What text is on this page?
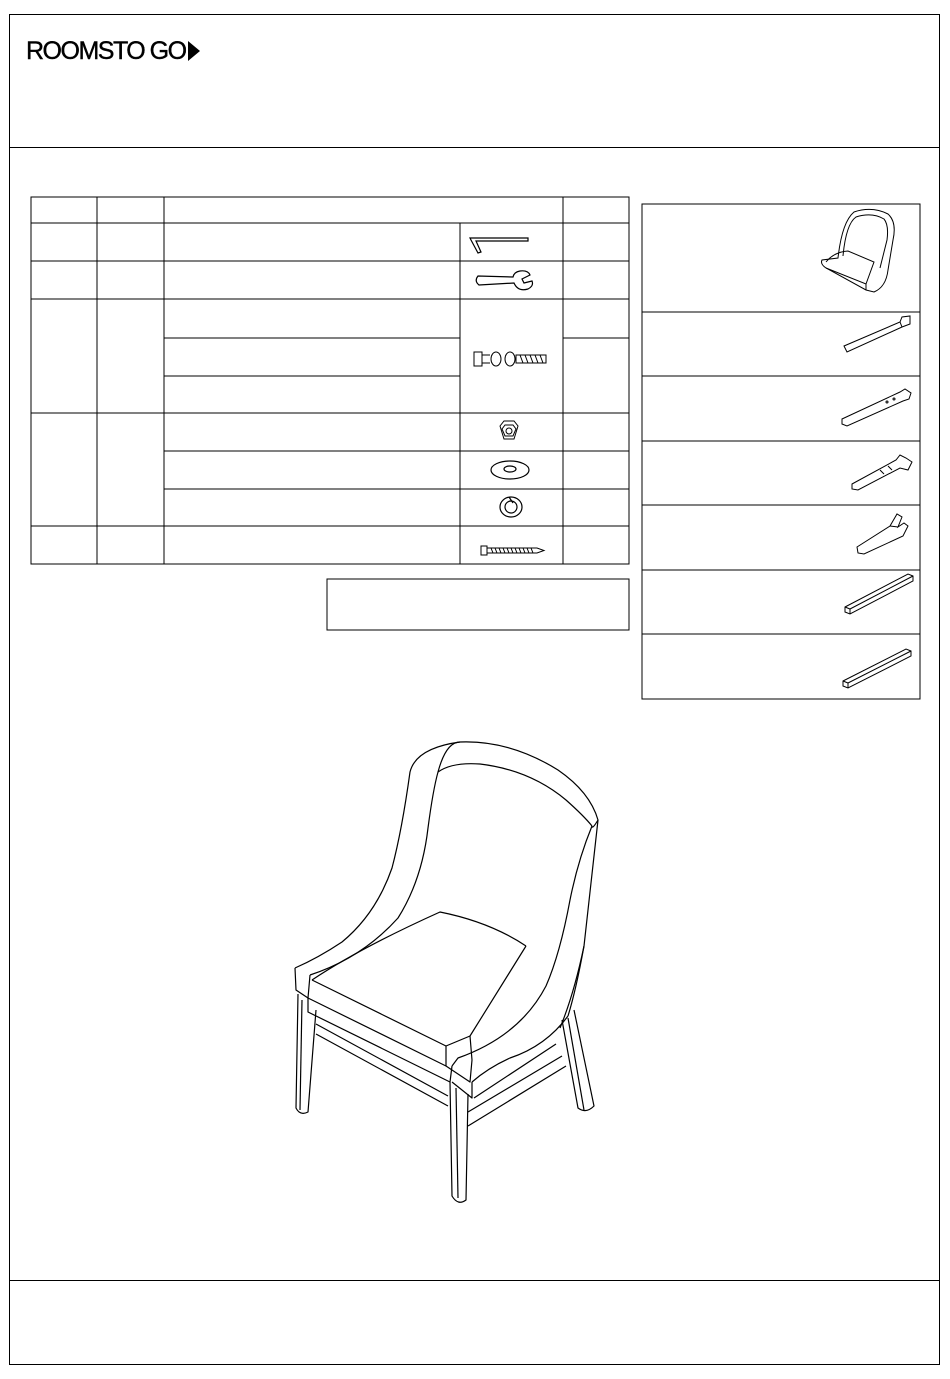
ROOMSTO GO
